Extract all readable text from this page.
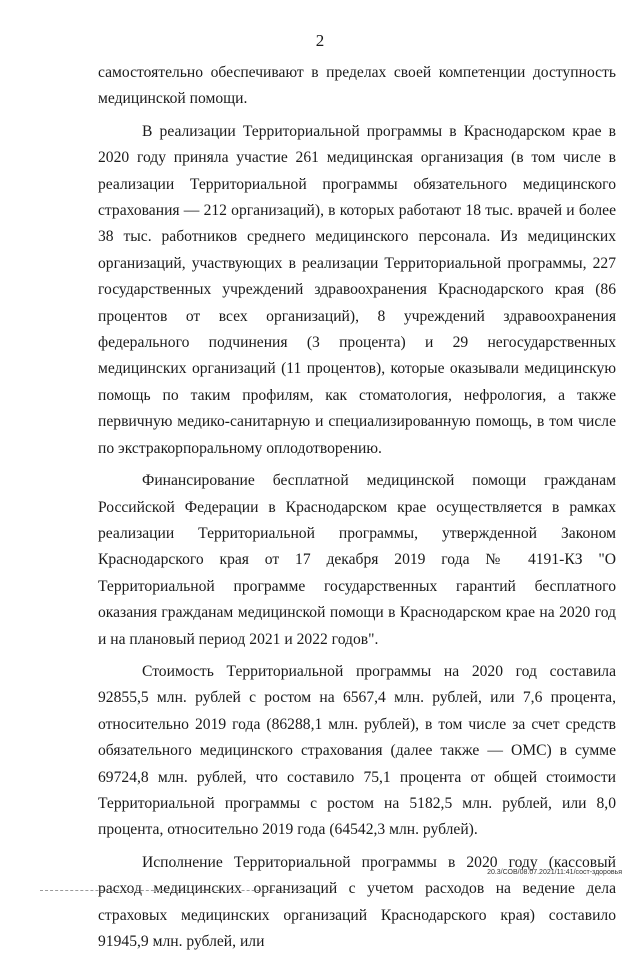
2

самостоятельно обеспечивают в пределах своей компетенции доступность медицинской помощи.

В реализации Территориальной программы в Краснодарском крае в 2020 году приняла участие 261 медицинская организация (в том числе в реализации Территориальной программы обязательного медицинского страхования — 212 организаций), в которых работают 18 тыс. врачей и более 38 тыс. работников среднего медицинского персонала. Из медицинских организаций, участвующих в реализации Территориальной программы, 227 государственных учреждений здравоохранения Краснодарского края (86 процентов от всех организаций), 8 учреждений здравоохранения федерального подчинения (3 процента) и 29 негосударственных медицинских организаций (11 процентов), которые оказывали медицинскую помощь по таким профилям, как стоматология, нефрология, а также первичную медико-санитарную и специализированную помощь, в том числе по экстракорпоральному оплодотворению.

Финансирование бесплатной медицинской помощи гражданам Российской Федерации в Краснодарском крае осуществляется в рамках реализации Территориальной программы, утвержденной Законом Краснодарского края от 17 декабря 2019 года № 4191-КЗ "О Территориальной программе государственных гарантий бесплатного оказания гражданам медицинской помощи в Краснодарском крае на 2020 год и на плановый период 2021 и 2022 годов".

Стоимость Территориальной программы на 2020 год составила 92855,5 млн. рублей с ростом на 6567,4 млн. рублей, или 7,6 процента, относительно 2019 года (86288,1 млн. рублей), в том числе за счет средств обязательного медицинского страхования (далее также — ОМС) в сумме 69724,8 млн. рублей, что составило 75,1 процента от общей стоимости Территориальной программы с ростом на 5182,5 млн. рублей, или 8,0 процента, относительно 2019 года (64542,3 млн. рублей).

Исполнение Территориальной программы в 2020 году (кассовый расход медицинских организаций с учетом расходов на ведение дела страховых медицинских организаций Краснодарского края) составило 91945,9 млн. рублей, или

20.3/СОВ/08.07.2021/11:41/сост-здоровья
